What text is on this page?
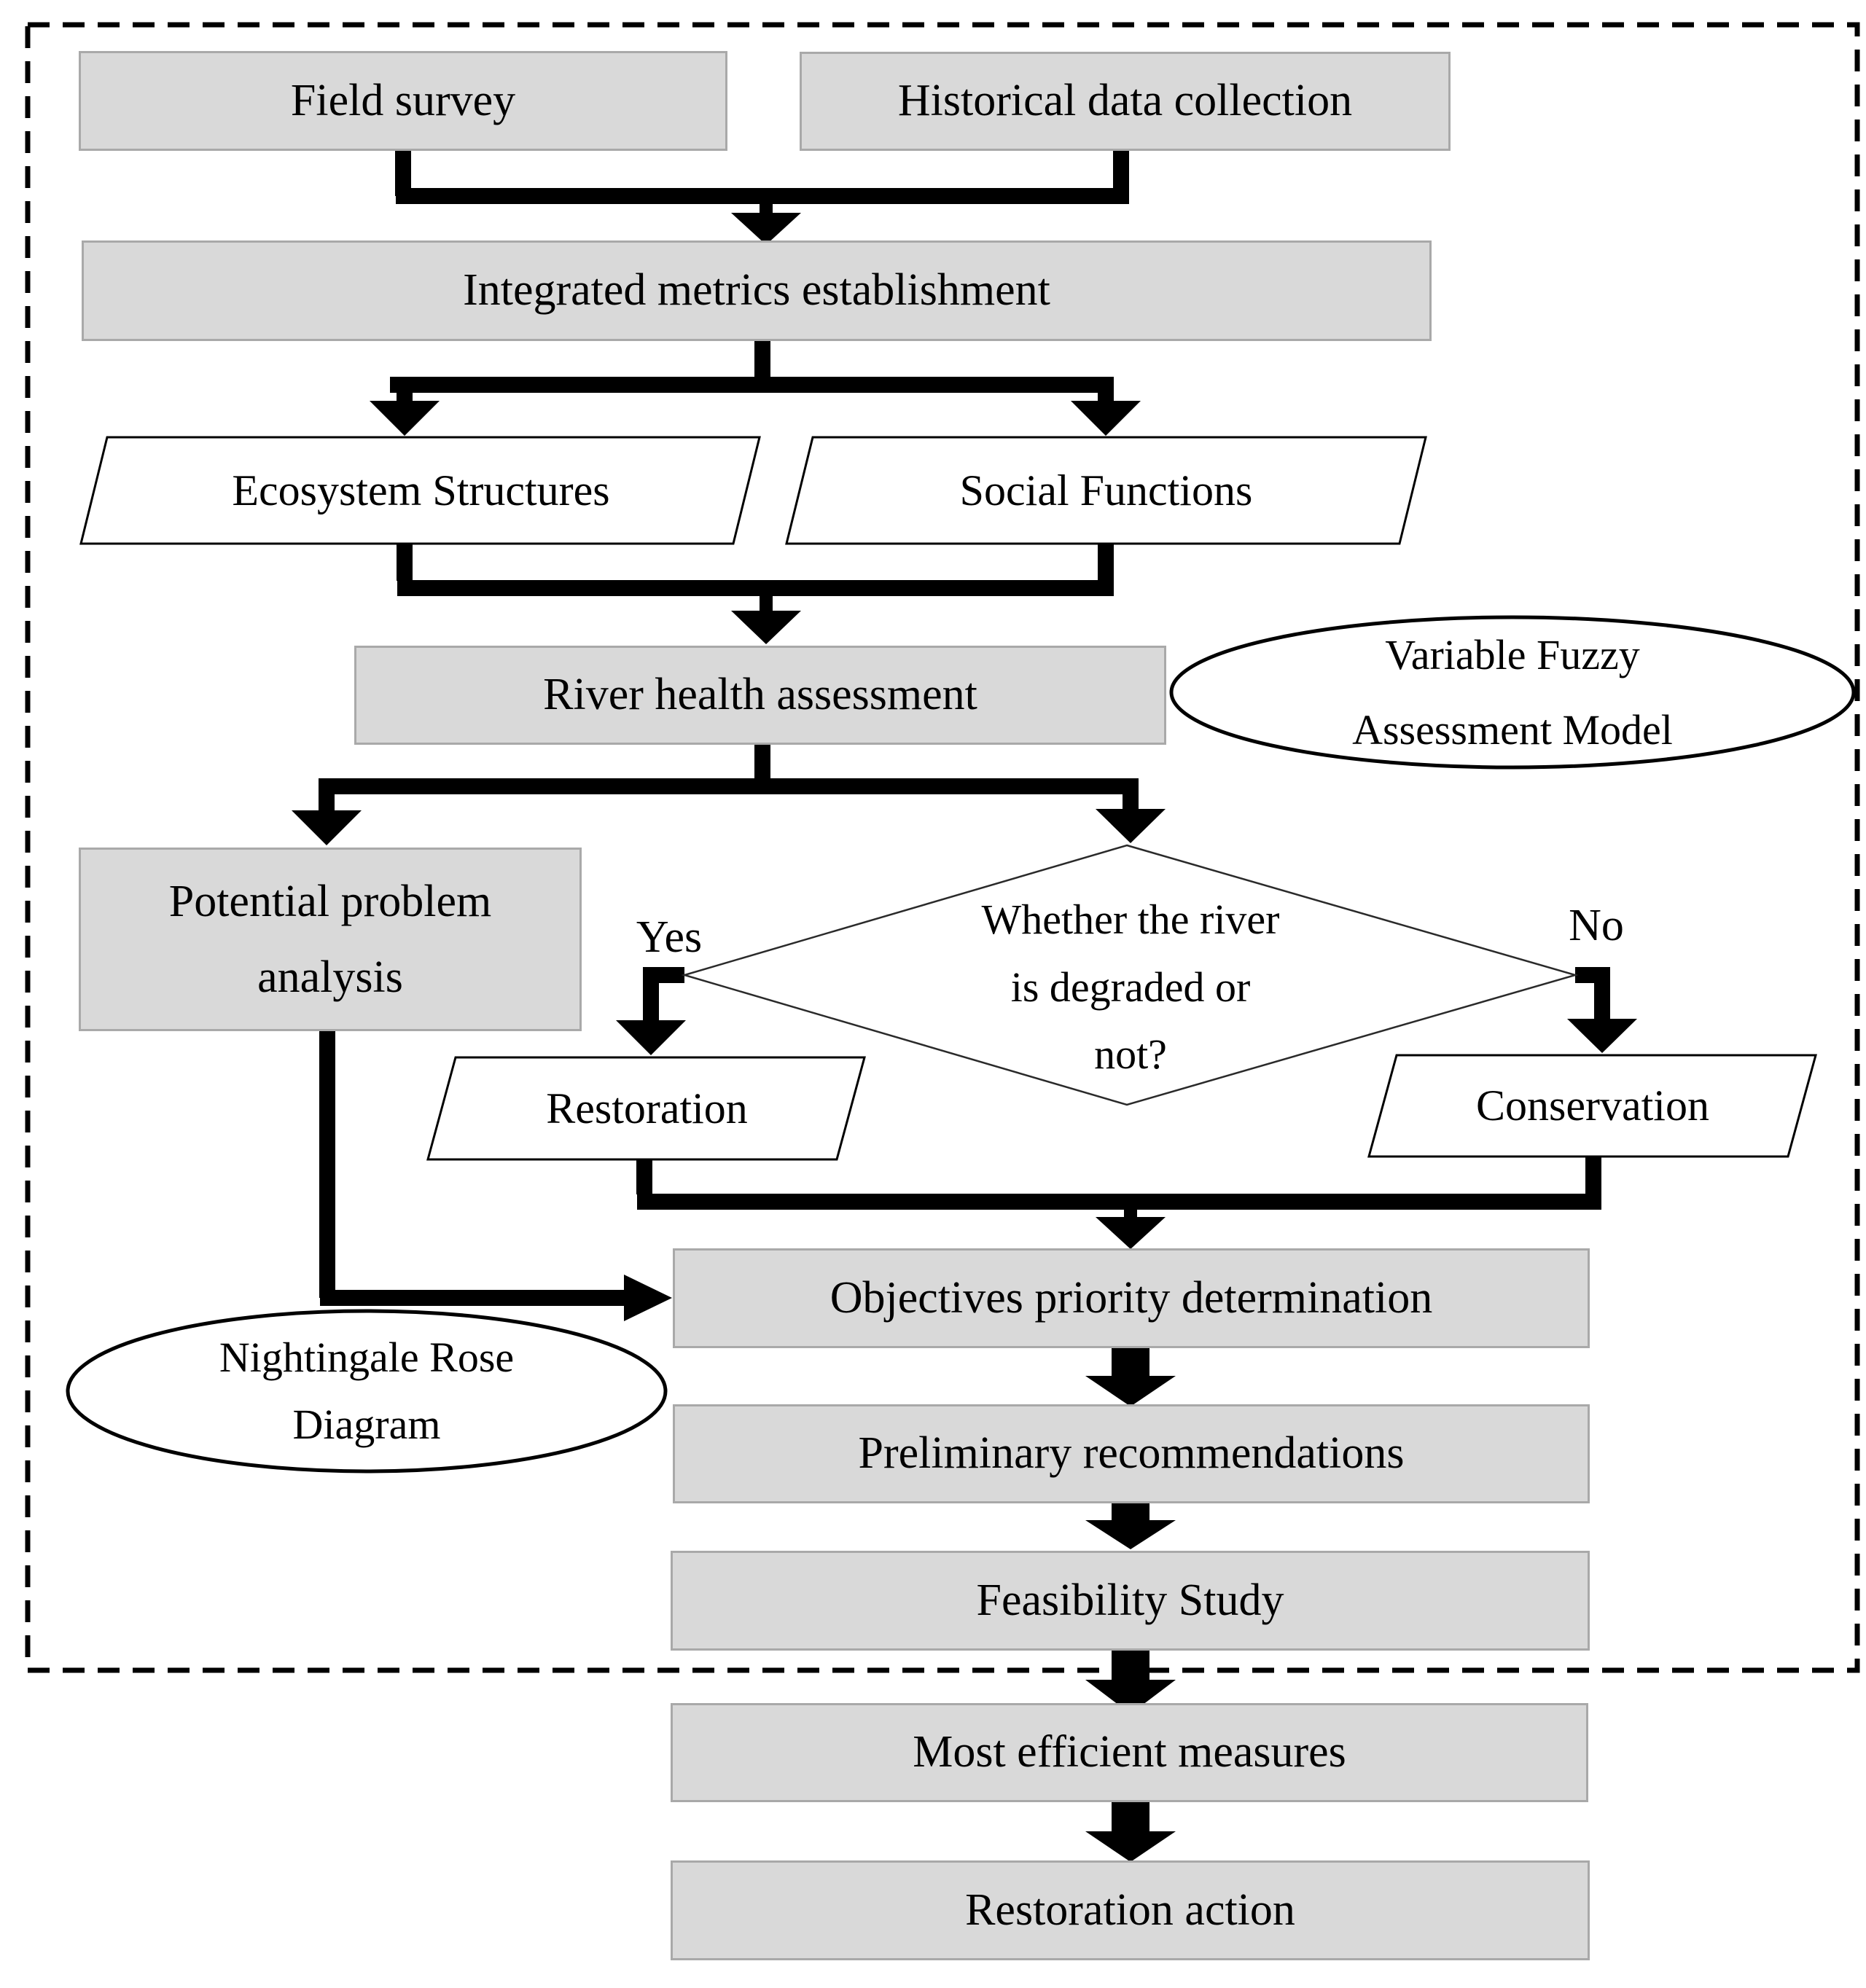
Field survey	Historical data collection
Integrated metrics establishment
River health assessment
Potential problem
analysis
Objectives priority determination
Preliminary recommendations
Feasibility Study
Most efficient measures
Restoration action
Ecosystem Structures	Social Functions
Restoration	Conservation
Whether the river
is degraded or
not?
Yes	No
Variable Fuzzy
Assessment Model
Nightingale Rose
Diagram
